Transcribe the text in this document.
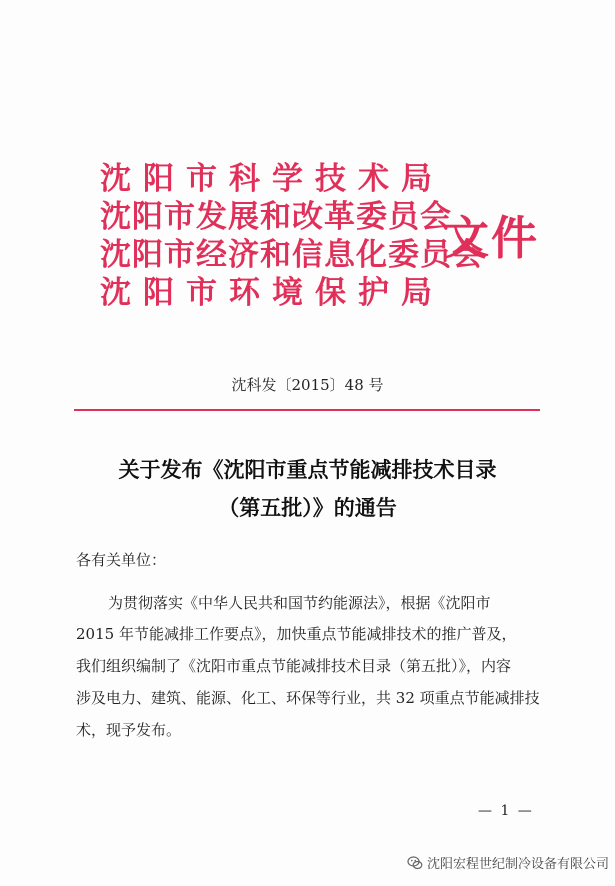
沈阳市科学技术局
沈阳市发展和改革委员会
沈阳市经济和信息化委员会
沈阳市环境保护局
文件
沈科发〔2015〕48 号
关于发布《沈阳市重点节能减排技术目录
（第五批）》的通告
各有关单位：
为贯彻落实《中华人民共和国节约能源法》，根据《沈阳市
2015 年节能减排工作要点》，加快重点节能减排技术的推广普及，
我们组织编制了《沈阳市重点节能减排技术目录（第五批）》，内容
涉及电力、建筑、能源、化工、环保等行业，共 32 项重点节能减排技
术，现予发布。
— 1 —
沈阳宏程世纪制冷设备有限公司
